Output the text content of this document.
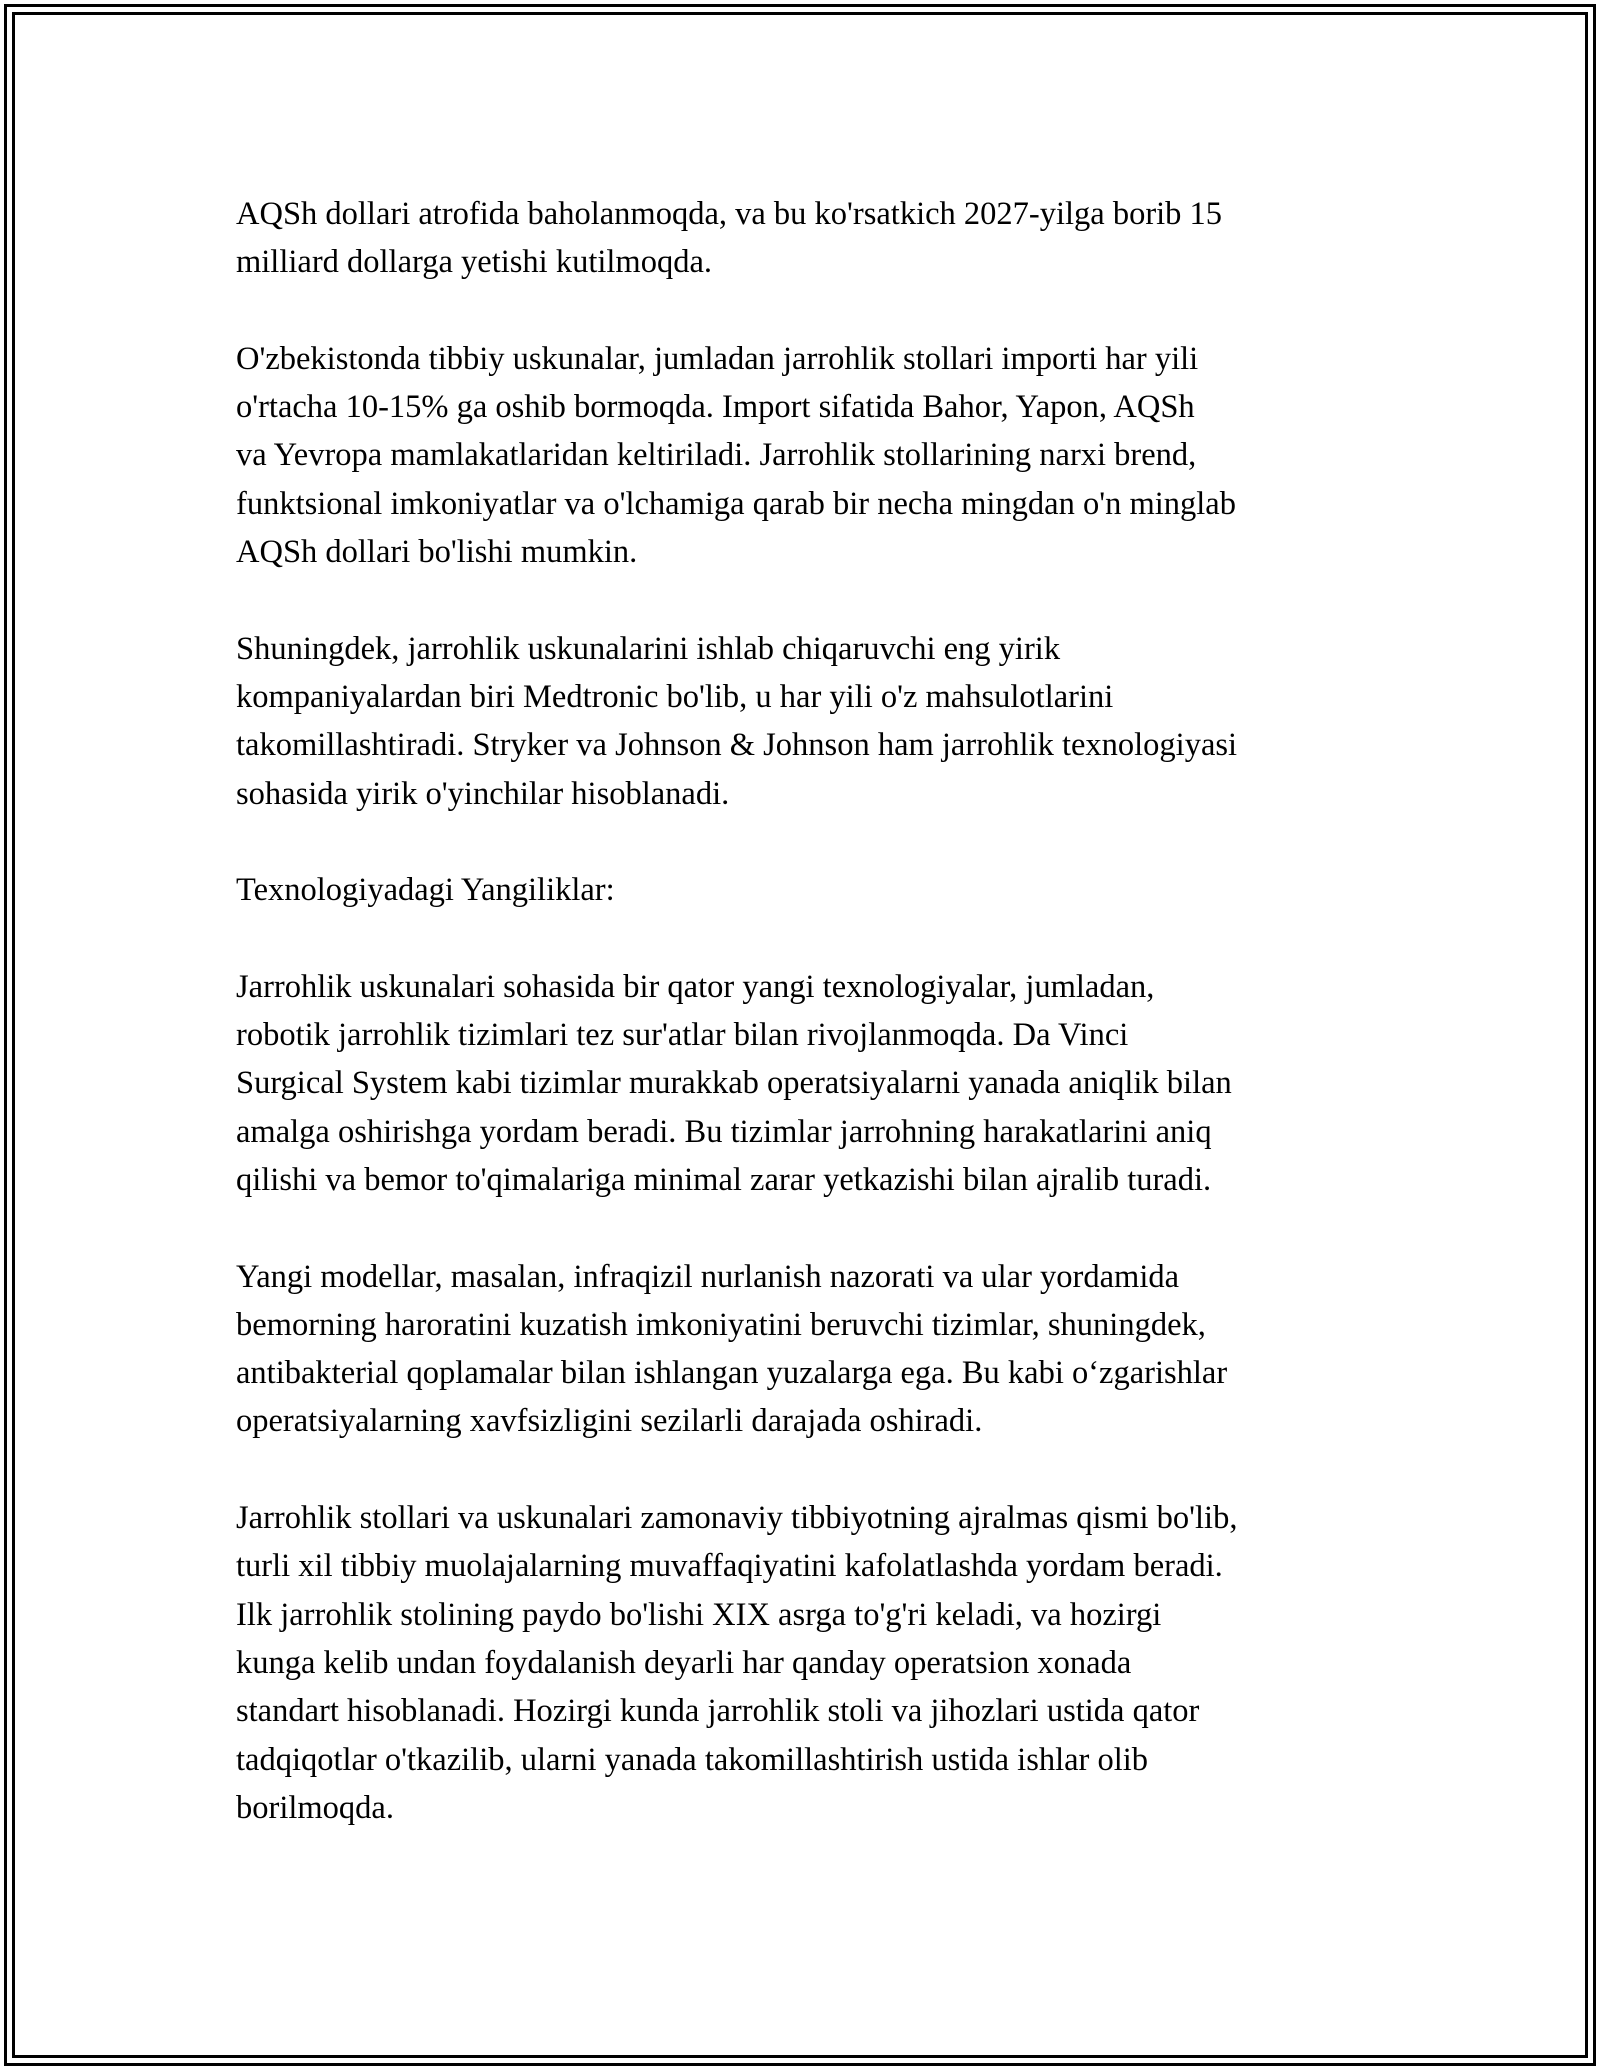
AQSh dollari atrofida baholanmoqda, va bu ko'rsatkich 2027-yilga borib 15
milliard dollarga yetishi kutilmoqda.

O'zbekistonda tibbiy uskunalar, jumladan jarrohlik stollari importi har yili
o'rtacha 10-15% ga oshib bormoqda. Import sifatida Bahor, Yapon, AQSh
va Yevropa mamlakatlaridan keltiriladi. Jarrohlik stollarining narxi brend,
funktsional imkoniyatlar va o'lchamiga qarab bir necha mingdan o'n minglab
AQSh dollari bo'lishi mumkin.

Shuningdek, jarrohlik uskunalarini ishlab chiqaruvchi eng yirik
kompaniyalardan biri Medtronic bo'lib, u har yili o'z mahsulotlarini
takomillashtiradi. Stryker va Johnson & Johnson ham jarrohlik texnologiyasi
sohasida yirik o'yinchilar hisoblanadi.

Texnologiyadagi Yangiliklar:

Jarrohlik uskunalari sohasida bir qator yangi texnologiyalar, jumladan,
robotik jarrohlik tizimlari tez sur'atlar bilan rivojlanmoqda. Da Vinci
Surgical System kabi tizimlar murakkab operatsiyalarni yanada aniqlik bilan
amalga oshirishga yordam beradi. Bu tizimlar jarrohning harakatlarini aniq
qilishi va bemor to'qimalariga minimal zarar yetkazishi bilan ajralib turadi.

Yangi modellar, masalan, infraqizil nurlanish nazorati va ular yordamida
bemorning haroratini kuzatish imkoniyatini beruvchi tizimlar, shuningdek,
antibakterial qoplamalar bilan ishlangan yuzalarga ega. Bu kabi o‘zgarishlar
operatsiyalarning xavfsizligini sezilarli darajada oshiradi.

Jarrohlik stollari va uskunalari zamonaviy tibbiyotning ajralmas qismi bo'lib,
turli xil tibbiy muolajalarning muvaffaqiyatini kafolatlashda yordam beradi.
Ilk jarrohlik stolining paydo bo'lishi XIX asrga to'g'ri keladi, va hozirgi
kunga kelib undan foydalanish deyarli har qanday operatsion xonada
standart hisoblanadi. Hozirgi kunda jarrohlik stoli va jihozlari ustida qator
tadqiqotlar o'tkazilib, ularni yanada takomillashtirish ustida ishlar olib
borilmoqda.
